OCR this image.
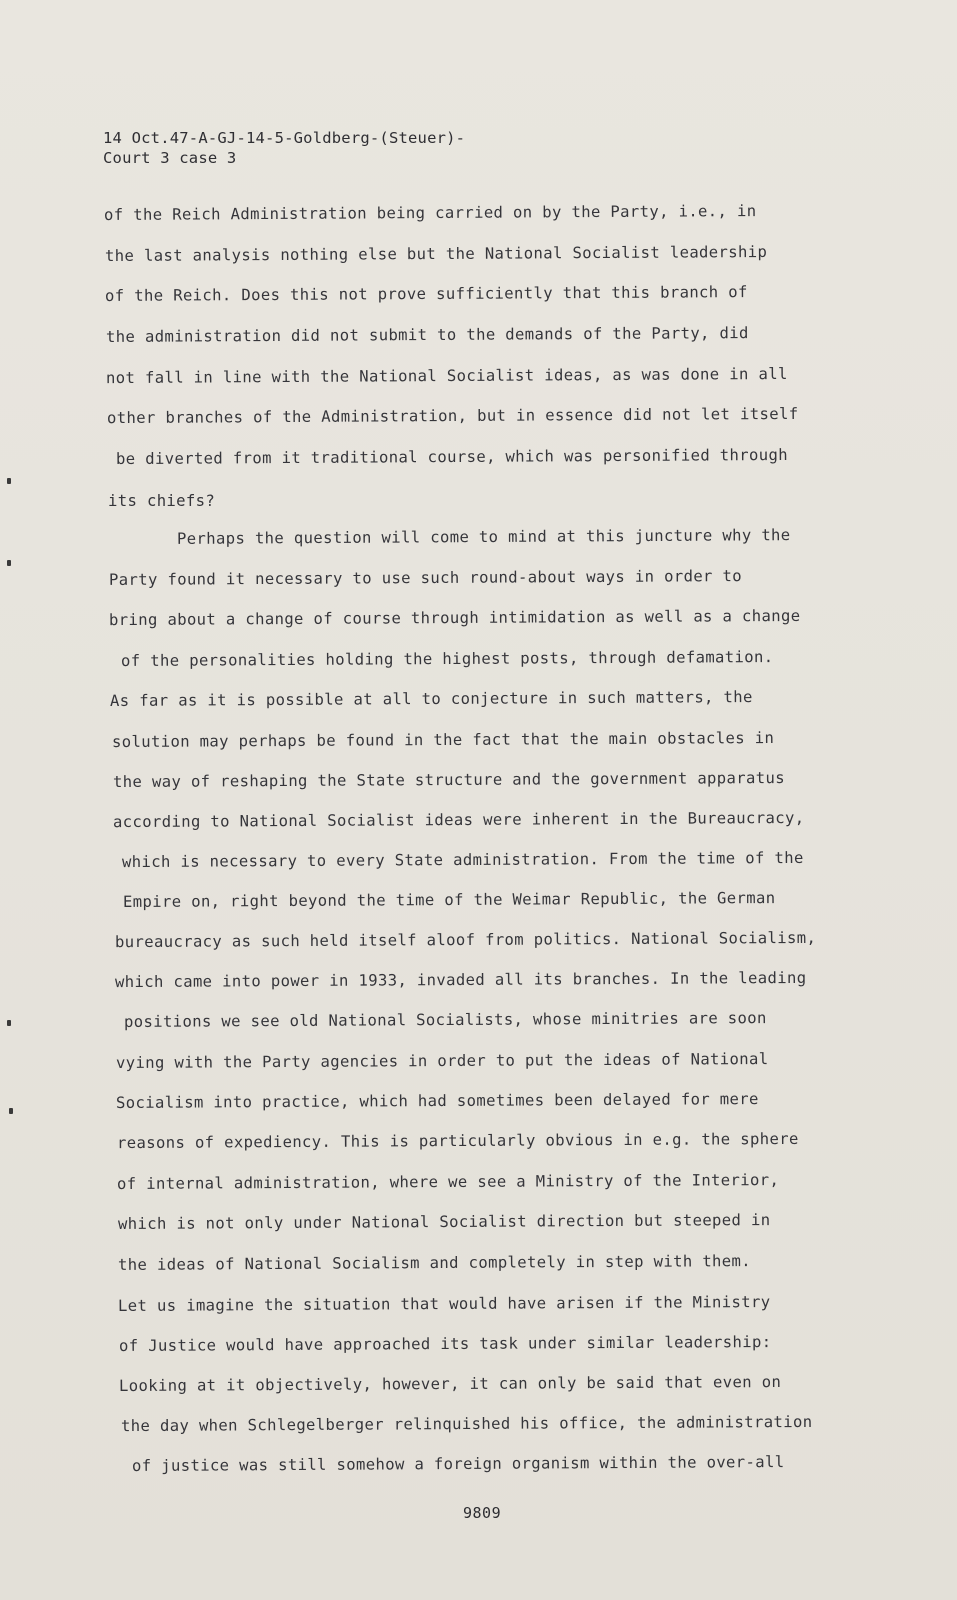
14 Oct.47-A-GJ-14-5-Goldberg-(Steuer)-
Court 3 case 3
of the Reich Administration being carried on by the Party, i.e., in
the last analysis nothing else but the National Socialist leadership
of the Reich. Does this not prove sufficiently that this branch of
the administration did not submit to the demands of the Party, did
not fall in line with the National Socialist ideas, as was done in all
other branches of the Administration, but in essence did not let itself
be diverted from it traditional course, which was personified through
its chiefs?
Perhaps the question will come to mind at this juncture why the
Party found it necessary to use such round-about ways in order to
bring about a change of course through intimidation as well as a change
of the personalities holding the highest posts, through defamation.
As far as it is possible at all to conjecture in such matters, the
solution may perhaps be found in the fact that the main obstacles in
the way of reshaping the State structure and the government apparatus
according to National Socialist ideas were inherent in the Bureaucracy,
which is necessary to every State administration. From the time of the
Empire on, right beyond the time of the Weimar Republic, the German
bureaucracy as such held itself aloof from politics. National Socialism,
which came into power in 1933, invaded all its branches. In the leading
positions we see old National Socialists, whose minitries are soon
vying with the Party agencies in order to put the ideas of National
Socialism into practice, which had sometimes been delayed for mere
reasons of expediency. This is particularly obvious in e.g. the sphere
of internal administration, where we see a Ministry of the Interior,
which is not only under National Socialist direction but steeped in
the ideas of National Socialism and completely in step with them.
Let us imagine the situation that would have arisen if the Ministry
of Justice would have approached its task under similar leadership:
Looking at it objectively, however, it can only be said that even on
the day when Schlegelberger relinquished his office, the administration
of justice was still somehow a foreign organism within the over-all
9809
